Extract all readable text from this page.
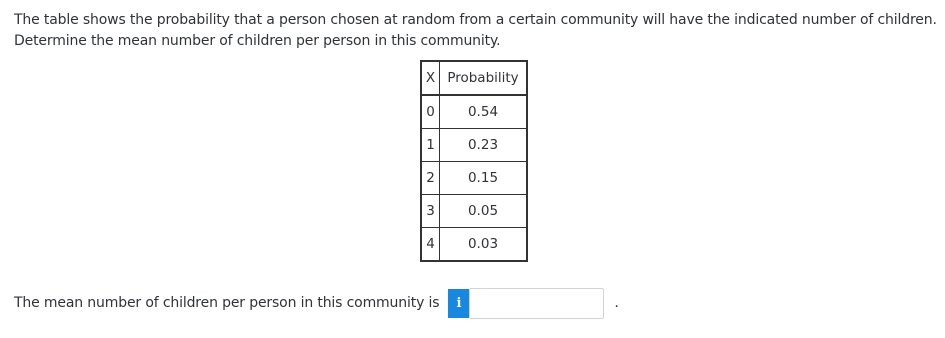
The table shows the probability that a person chosen at random from a certain community will have the indicated number of children.
Determine the mean number of children per person in this community.
X	Probability
0	0.54
1	0.23
2	0.15
3	0.05
4	0.03
The mean number of children per person in this community is	i	.
